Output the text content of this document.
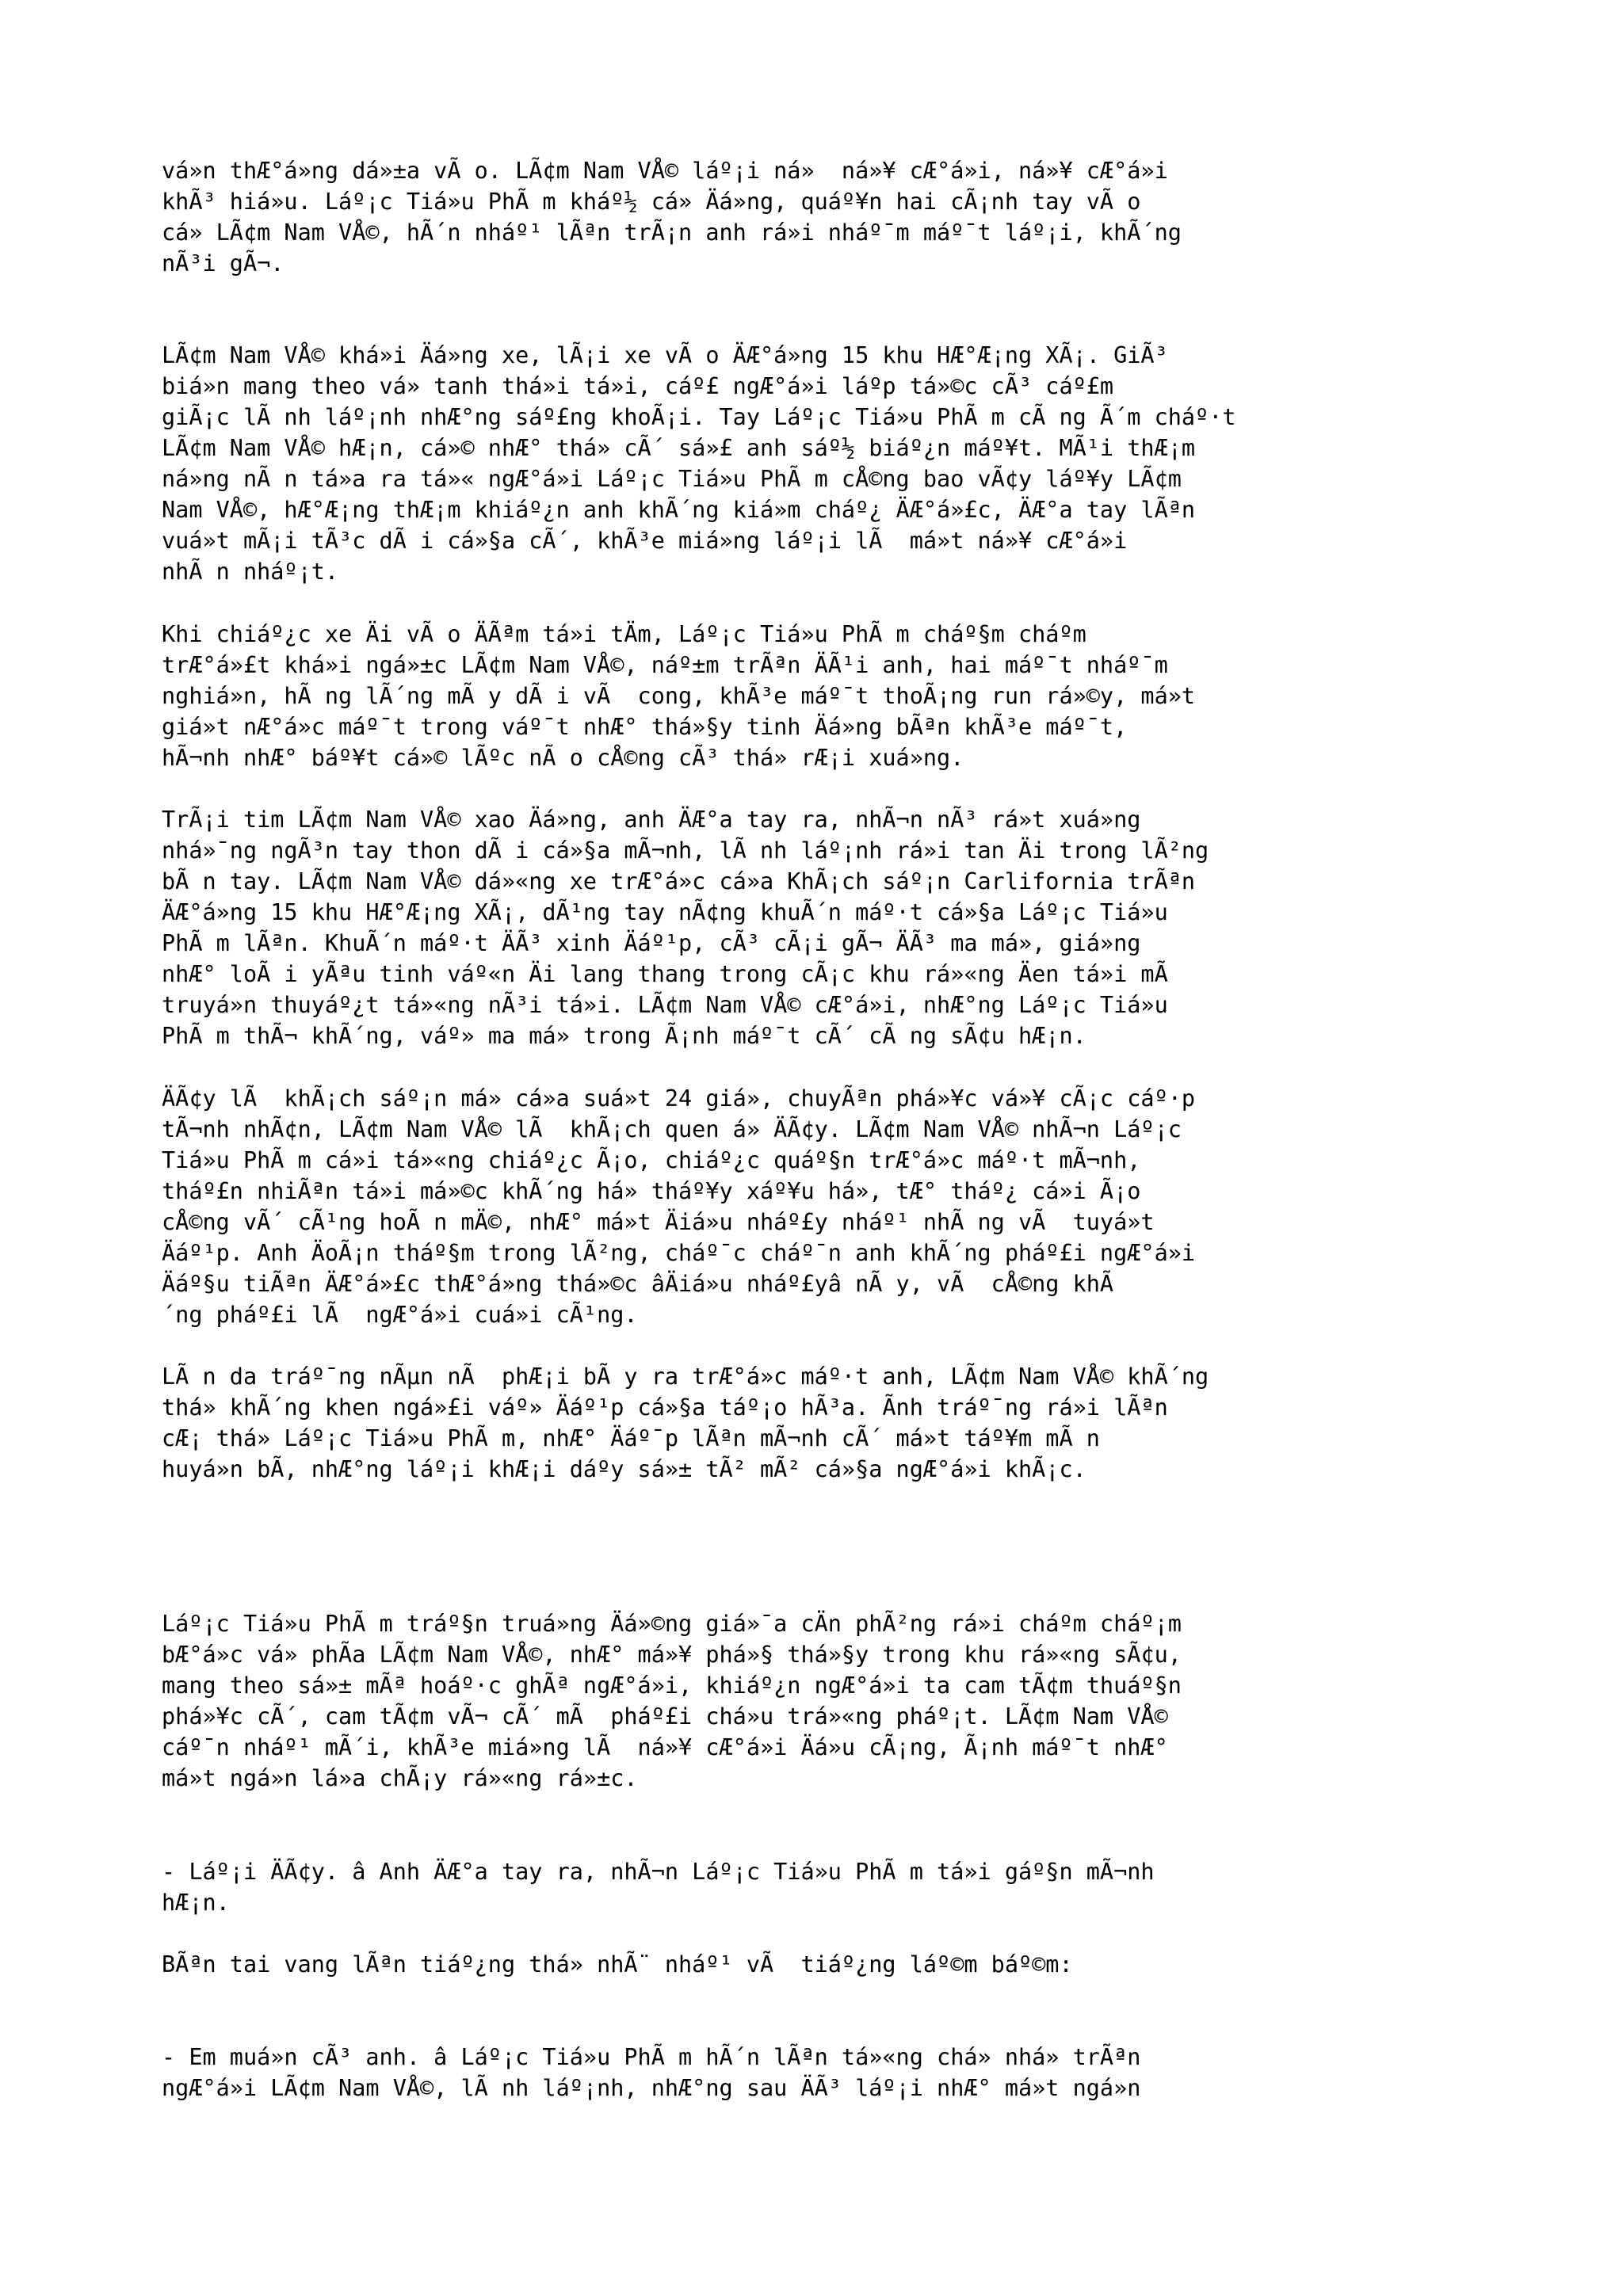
vá»n thÆ°á»ng dá»±a vÃ o. LÃ¢m Nam VÅ© láº¡i ná»  ná»¥ cÆ°á»i, ná»¥ cÆ°á»i
khÃ³ hiá»u. Láº¡c Tiá»u PhÃ m kháº½ cá» Äá»ng, quáº¥n hai cÃ¡nh tay vÃ o
cá» LÃ¢m Nam VÅ©, hÃ´n nháº¹ lÃªn trÃ¡n anh rá»i nháº¯m máº¯t láº¡i, khÃ´ng
nÃ³i gÃ¬.
LÃ¢m Nam VÅ© khá»i Äá»ng xe, lÃ¡i xe vÃ o ÄÆ°á»ng 15 khu HÆ°Æ¡ng XÃ¡. GiÃ³
biá»n mang theo vá» tanh thá»i tá»i, cáº£ ngÆ°á»i láºp tá»©c cÃ³ cáº£m
giÃ¡c lÃ nh láº¡nh nhÆ°ng sáº£ng khoÃ¡i. Tay Láº¡c Tiá»u PhÃ m cÃ ng Ã´m cháº·t
LÃ¢m Nam VÅ© hÆ¡n, cá»© nhÆ° thá» cÃ´ sá»£ anh sáº½ biáº¿n máº¥t. MÃ¹i thÆ¡m
ná»ng nÃ n tá»a ra tá»« ngÆ°á»i Láº¡c Tiá»u PhÃ m cÅ©ng bao vÃ¢y láº¥y LÃ¢m
Nam VÅ©, hÆ°Æ¡ng thÆ¡m khiáº¿n anh khÃ´ng kiá»m cháº¿ ÄÆ°á»£c, ÄÆ°a tay lÃªn
vuá»t mÃ¡i tÃ³c dÃ i cá»§a cÃ´, khÃ³e miá»ng láº¡i lÃ  má»t ná»¥ cÆ°á»i
nhÃ n nháº¡t.
Khi chiáº¿c xe Äi vÃ o ÄÃªm tá»i tÄm, Láº¡c Tiá»u PhÃ m cháº§m cháºm
trÆ°á»£t khá»i ngá»±c LÃ¢m Nam VÅ©, náº±m trÃªn ÄÃ¹i anh, hai máº¯t nháº¯m
nghiá»n, hÃ ng lÃ´ng mÃ y dÃ i vÃ  cong, khÃ³e máº¯t thoÃ¡ng run rá»©y, má»t
giá»t nÆ°á»c máº¯t trong váº¯t nhÆ° thá»§y tinh Äá»ng bÃªn khÃ³e máº¯t,
hÃ¬nh nhÆ° báº¥t cá»© lÃºc nÃ o cÅ©ng cÃ³ thá» rÆ¡i xuá»ng.
TrÃ¡i tim LÃ¢m Nam VÅ© xao Äá»ng, anh ÄÆ°a tay ra, nhÃ¬n nÃ³ rá»t xuá»ng
nhá»¯ng ngÃ³n tay thon dÃ i cá»§a mÃ¬nh, lÃ nh láº¡nh rá»i tan Äi trong lÃ²ng
bÃ n tay. LÃ¢m Nam VÅ© dá»«ng xe trÆ°á»c cá»a KhÃ¡ch sáº¡n Carlifornia trÃªn
ÄÆ°á»ng 15 khu HÆ°Æ¡ng XÃ¡, dÃ¹ng tay nÃ¢ng khuÃ´n máº·t cá»§a Láº¡c Tiá»u
PhÃ m lÃªn. KhuÃ´n máº·t ÄÃ³ xinh Äáº¹p, cÃ³ cÃ¡i gÃ¬ ÄÃ³ ma má», giá»ng
nhÆ° loÃ i yÃªu tinh váº«n Äi lang thang trong cÃ¡c khu rá»«ng Äen tá»i mÃ
truyá»n thuyáº¿t tá»«ng nÃ³i tá»i. LÃ¢m Nam VÅ© cÆ°á»i, nhÆ°ng Láº¡c Tiá»u
PhÃ m thÃ¬ khÃ´ng, váº» ma má» trong Ã¡nh máº¯t cÃ´ cÃ ng sÃ¢u hÆ¡n.
ÄÃ¢y lÃ  khÃ¡ch sáº¡n má» cá»a suá»t 24 giá», chuyÃªn phá»¥c vá»¥ cÃ¡c cáº·p
tÃ¬nh nhÃ¢n, LÃ¢m Nam VÅ© lÃ  khÃ¡ch quen á» ÄÃ¢y. LÃ¢m Nam VÅ© nhÃ¬n Láº¡c
Tiá»u PhÃ m cá»i tá»«ng chiáº¿c Ã¡o, chiáº¿c quáº§n trÆ°á»c máº·t mÃ¬nh,
tháº£n nhiÃªn tá»i má»©c khÃ´ng há» tháº¥y xáº¥u há», tÆ° tháº¿ cá»i Ã¡o
cÅ©ng vÃ´ cÃ¹ng hoÃ n mÄ©, nhÆ° má»t Äiá»u nháº£y nháº¹ nhÃ ng vÃ  tuyá»t
Äáº¹p. Anh ÄoÃ¡n tháº§m trong lÃ²ng, cháº¯c cháº¯n anh khÃ´ng pháº£i ngÆ°á»i
Äáº§u tiÃªn ÄÆ°á»£c thÆ°á»ng thá»©c âÄiá»u nháº£yâ nÃ y, vÃ  cÅ©ng khÃ
´ng pháº£i lÃ  ngÆ°á»i cuá»i cÃ¹ng.
LÃ n da tráº¯ng nÃµn nÃ  phÆ¡i bÃ y ra trÆ°á»c máº·t anh, LÃ¢m Nam VÅ© khÃ´ng
thá» khÃ´ng khen ngá»£i váº» Äáº¹p cá»§a táº¡o hÃ³a. Ãnh tráº¯ng rá»i lÃªn
cÆ¡ thá» Láº¡c Tiá»u PhÃ m, nhÆ° Äáº¯p lÃªn mÃ¬nh cÃ´ má»t táº¥m mÃ n
huyá»n bÃ, nhÆ°ng láº¡i khÆ¡i dáºy sá»± tÃ² mÃ² cá»§a ngÆ°á»i khÃ¡c.
Láº¡c Tiá»u PhÃ m tráº§n truá»ng Äá»©ng giá»¯a cÄn phÃ²ng rá»i cháºm cháº¡m
bÆ°á»c vá» phÃa LÃ¢m Nam VÅ©, nhÆ° má»¥ phá»§ thá»§y trong khu rá»«ng sÃ¢u,
mang theo sá»± mÃª hoáº·c ghÃª ngÆ°á»i, khiáº¿n ngÆ°á»i ta cam tÃ¢m thuáº§n
phá»¥c cÃ´, cam tÃ¢m vÃ¬ cÃ´ mÃ  pháº£i chá»u trá»«ng pháº¡t. LÃ¢m Nam VÅ©
cáº¯n nháº¹ mÃ´i, khÃ³e miá»ng lÃ  ná»¥ cÆ°á»i Äá»u cÃ¡ng, Ã¡nh máº¯t nhÆ°
má»t ngá»n lá»a chÃ¡y rá»«ng rá»±c.
- Láº¡i ÄÃ¢y. â Anh ÄÆ°a tay ra, nhÃ¬n Láº¡c Tiá»u PhÃ m tá»i gáº§n mÃ¬nh
hÆ¡n.
BÃªn tai vang lÃªn tiáº¿ng thá» nhÃ¨ nháº¹ vÃ  tiáº¿ng láº©m báº©m:
- Em muá»n cÃ³ anh. â Láº¡c Tiá»u PhÃ m hÃ´n lÃªn tá»«ng chá» nhá» trÃªn
ngÆ°á»i LÃ¢m Nam VÅ©, lÃ nh láº¡nh, nhÆ°ng sau ÄÃ³ láº¡i nhÆ° má»t ngá»n
